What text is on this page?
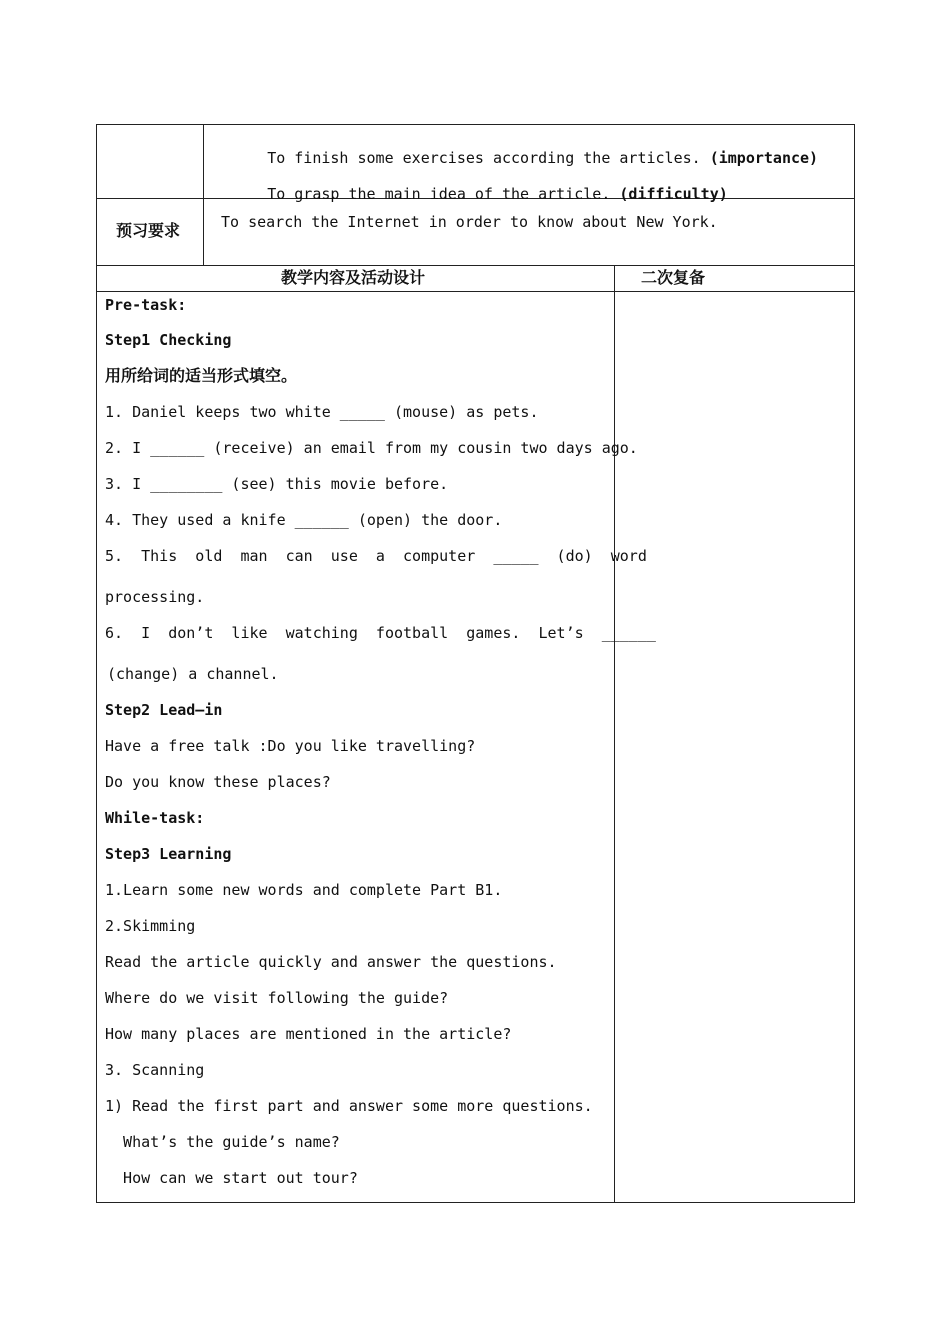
To finish some exercises according the articles. (importance)

To grasp the main idea of the article. (difficulty)

预习要求	To search the Internet in order to know about New York.
教学内容及活动设计	二次复备
Pre-task:
Step1 Checking
用所给词的适当形式填空。
1. Daniel keeps two white _____ (mouse) as pets.
2. I ______ (receive) an email from my cousin two days ago.
3. I ________ (see) this movie before.
4. They used a knife ______ (open) the door.
5.  This  old  man  can  use  a  computer  _____  (do)  word
processing.
6.  I  don’t  like  watching  football  games.  Let’s  ______
(change) a channel.
Step2 Lead—in
Have a free talk :Do you like travelling?
Do you know these places?
While-task:
Step3 Learning
1.Learn some new words and complete Part B1.
2.Skimming
Read the article quickly and answer the questions.
Where do we visit following the guide?
How many places are mentioned in the article?
3. Scanning
1) Read the first part and answer some more questions.
What’s the guide’s name?
How can we start out tour?
